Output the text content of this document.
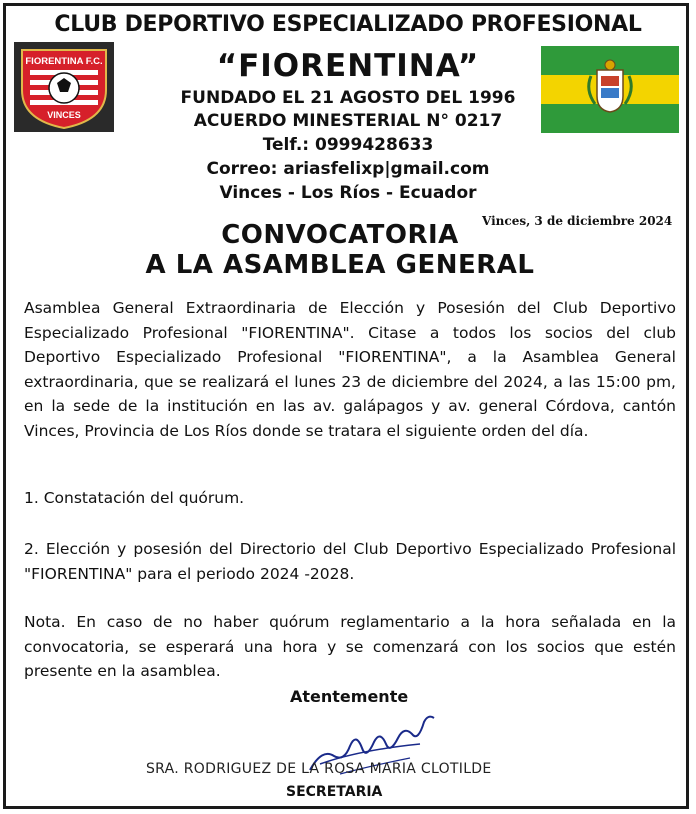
FIORENTINA F.C.
VINCES
CLUB DEPORTIVO ESPECIALIZADO PROFESIONAL
“FIORENTINA”
FUNDADO EL 21 AGOSTO DEL 1996
ACUERDO MINESTERIAL N° 0217
Telf.: 0999428633
Correo: ariasfelixp|gmail.com
Vinces - Los Ríos - Ecuador
Vinces, 3 de diciembre 2024
CONVOCATORIA
A LA ASAMBLEA GENERAL
Asamblea General Extraordinaria de Elección y Posesión del Club Deportivo Especializado Profesional "FIORENTINA". Citase a todos los socios del club Deportivo Especializado Profesional "FIORENTINA", a la Asamblea General extraordinaria, que se realizará el lunes 23 de diciembre del 2024, a las 15:00 pm, en la sede de la institución en las av. galápagos y av. general Córdova, cantón Vinces, Provincia de Los Ríos donde se tratara el siguiente orden del día.
1. Constatación del quórum.
2. Elección y posesión del Directorio del Club Deportivo Especializado Profesional "FIORENTINA" para el periodo 2024 -2028.
Nota. En caso de no haber quórum reglamentario a la hora señalada en la convocatoria, se esperará una hora y se comenzará con los socios que estén presente en la asamblea.
Atentemente
SRA. RODRIGUEZ DE LA ROSA MARIA CLOTILDE
SECRETARIA
